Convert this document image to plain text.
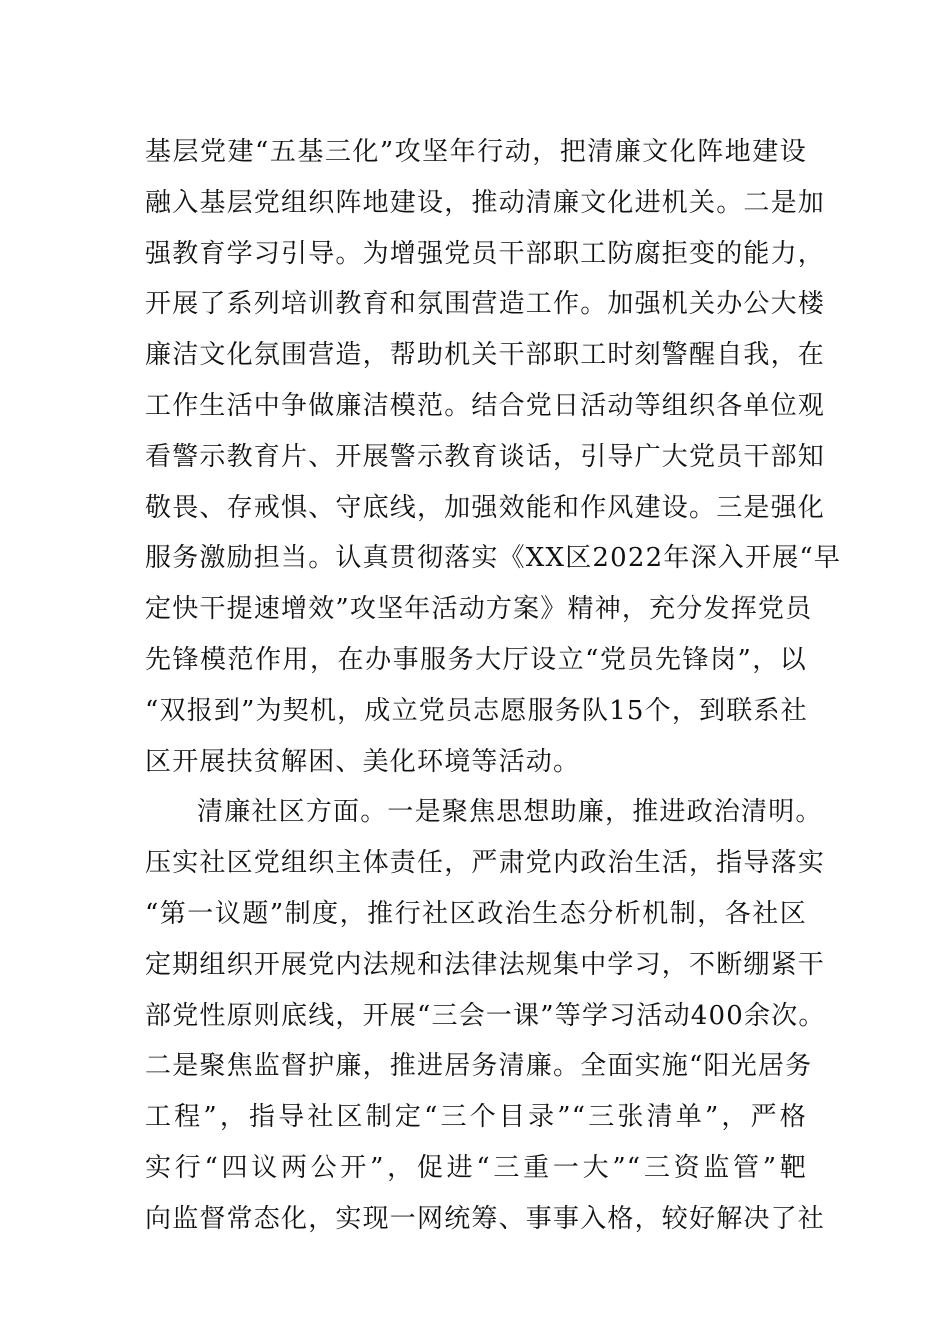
基层党建“五基三化”攻坚年行动，把清廉文化阵地建设
融入基层党组织阵地建设，推动清廉文化进机关。二是加
强教育学习引导。为增强党员干部职工防腐拒变的能力，
开展了系列培训教育和氛围营造工作。加强机关办公大楼
廉洁文化氛围营造，帮助机关干部职工时刻警醒自我，在
工作生活中争做廉洁模范。结合党日活动等组织各单位观
看警示教育片、开展警示教育谈话，引导广大党员干部知
敬畏、存戒惧、守底线，加强效能和作风建设。三是强化
服务激励担当。认真贯彻落实《XX区2022年深入开展“早
定快干提速增效”攻坚年活动方案》精神，充分发挥党员
先锋模范作用，在办事服务大厅设立“党员先锋岗”，以
“双报到”为契机，成立党员志愿服务队15个，到联系社
区开展扶贫解困、美化环境等活动。
清廉社区方面。一是聚焦思想助廉，推进政治清明。
压实社区党组织主体责任，严肃党内政治生活，指导落实
“第一议题”制度，推行社区政治生态分析机制，各社区
定期组织开展党内法规和法律法规集中学习，不断绷紧干
部党性原则底线，开展“三会一课”等学习活动400余次。
二是聚焦监督护廉，推进居务清廉。全面实施“阳光居务
工程”，指导社区制定“三个目录”“三张清单”，严格
实行“四议两公开”，促进“三重一大”“三资监管”靶
向监督常态化，实现一网统筹、事事入格，较好解决了社
